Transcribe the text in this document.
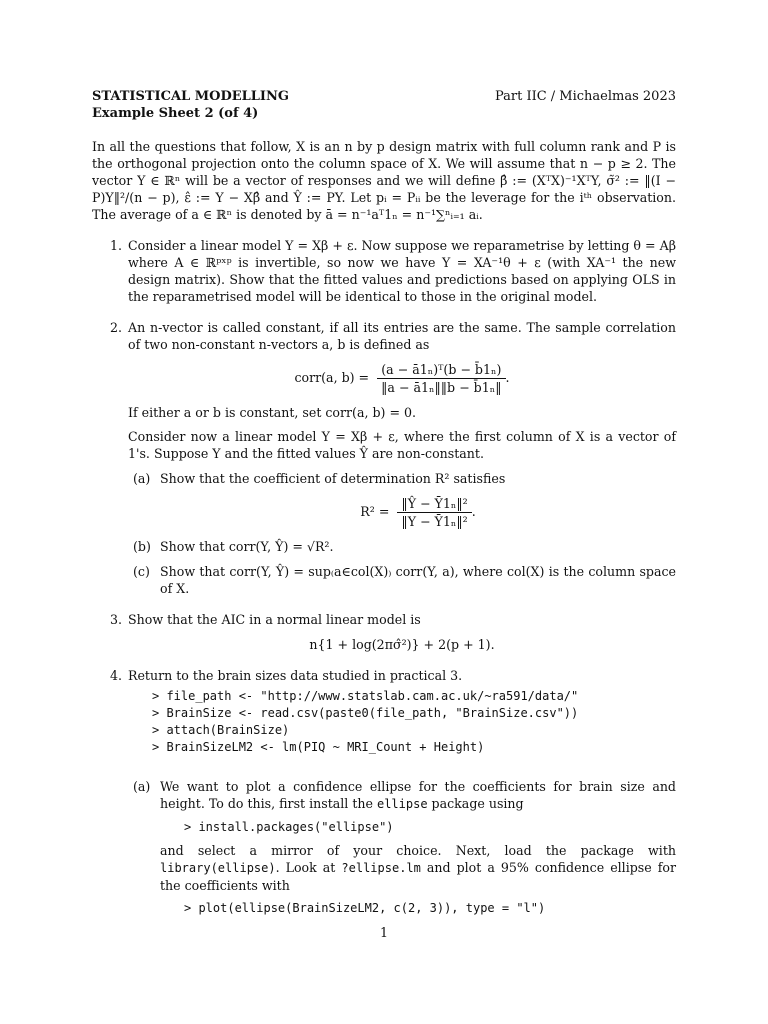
STATISTICAL MODELLING	Part IIC / Michaelmas 2023
Example Sheet 2 (of 4)
In all the questions that follow, X is an n by p design matrix with full column rank and P is the orthogonal projection onto the column space of X. We will assume that n − p ≥ 2. The vector Y ∈ ℝⁿ will be a vector of responses and we will define β̂ := (XᵀX)⁻¹XᵀY, σ̃² := ‖(I − P)Y‖²/(n − p), ε̂ := Y − Xβ̂ and Ŷ := PY. Let pᵢ = Pᵢᵢ be the leverage for the iᵗʰ observation. The average of a ∈ ℝⁿ is denoted by ā = n⁻¹aᵀ1ₙ = n⁻¹∑ⁿᵢ₌₁ aᵢ.
1. Consider a linear model Y = Xβ + ε. Now suppose we reparametrise by letting θ = Aβ where A ∈ ℝᵖˣᵖ is invertible, so now we have Y = XA⁻¹θ + ε (with XA⁻¹ the new design matrix). Show that the fitted values and predictions based on applying OLS in the reparametrised model will be identical to those in the original model.
2. An n-vector is called constant, if all its entries are the same. The sample correlation of two non-constant n-vectors a, b is defined as
corr(a, $b) = \frac{\text{(a − ā1ₙ)ᵀ(b − b̄1ₙ)}}{\text{‖a − ā1ₙ‖‖b − b̄1ₙ‖}}$ .
If either a or b is constant, set corr(a, b) = 0.
Consider now a linear model Y = Xβ + ε, where the first column of X is a vector of 1's. Suppose Y and the fitted values Ŷ are non-constant.
(a) Show that the coefficient of determination R² satisfies
$R^2 = \frac{\text{‖Ŷ − Ȳ1ₙ‖²}}{\text{‖Y − Ȳ1ₙ‖²}}$ .
(b) Show that corr(Y, Ŷ) = √R².
(c) Show that corr(Y, Ŷ) = sup₍a∈col(X)₎ corr(Y, a), where col(X) is the column space of X.
3. Show that the AIC in a normal linear model is
n{1 + log(2πσ̂²)} + 2(p + 1).
4. Return to the brain sizes data studied in practical 3.
> file_path <- "http://www.statslab.cam.ac.uk/~ra591/data/"
> BrainSize <- read.csv(paste0(file_path, "BrainSize.csv"))
> attach(BrainSize)
> BrainSizeLM2 <- lm(PIQ ~ MRI_Count + Height)
(a) We want to plot a confidence ellipse for the coefficients for brain size and height. To do this, first install the ellipse package using
> install.packages("ellipse")
and select a mirror of your choice. Next, load the package with library(ellipse). Look at ?ellipse.lm and plot a 95% confidence ellipse for the coefficients with
> plot(ellipse(BrainSizeLM2, c(2, 3)), type = "l")
1
